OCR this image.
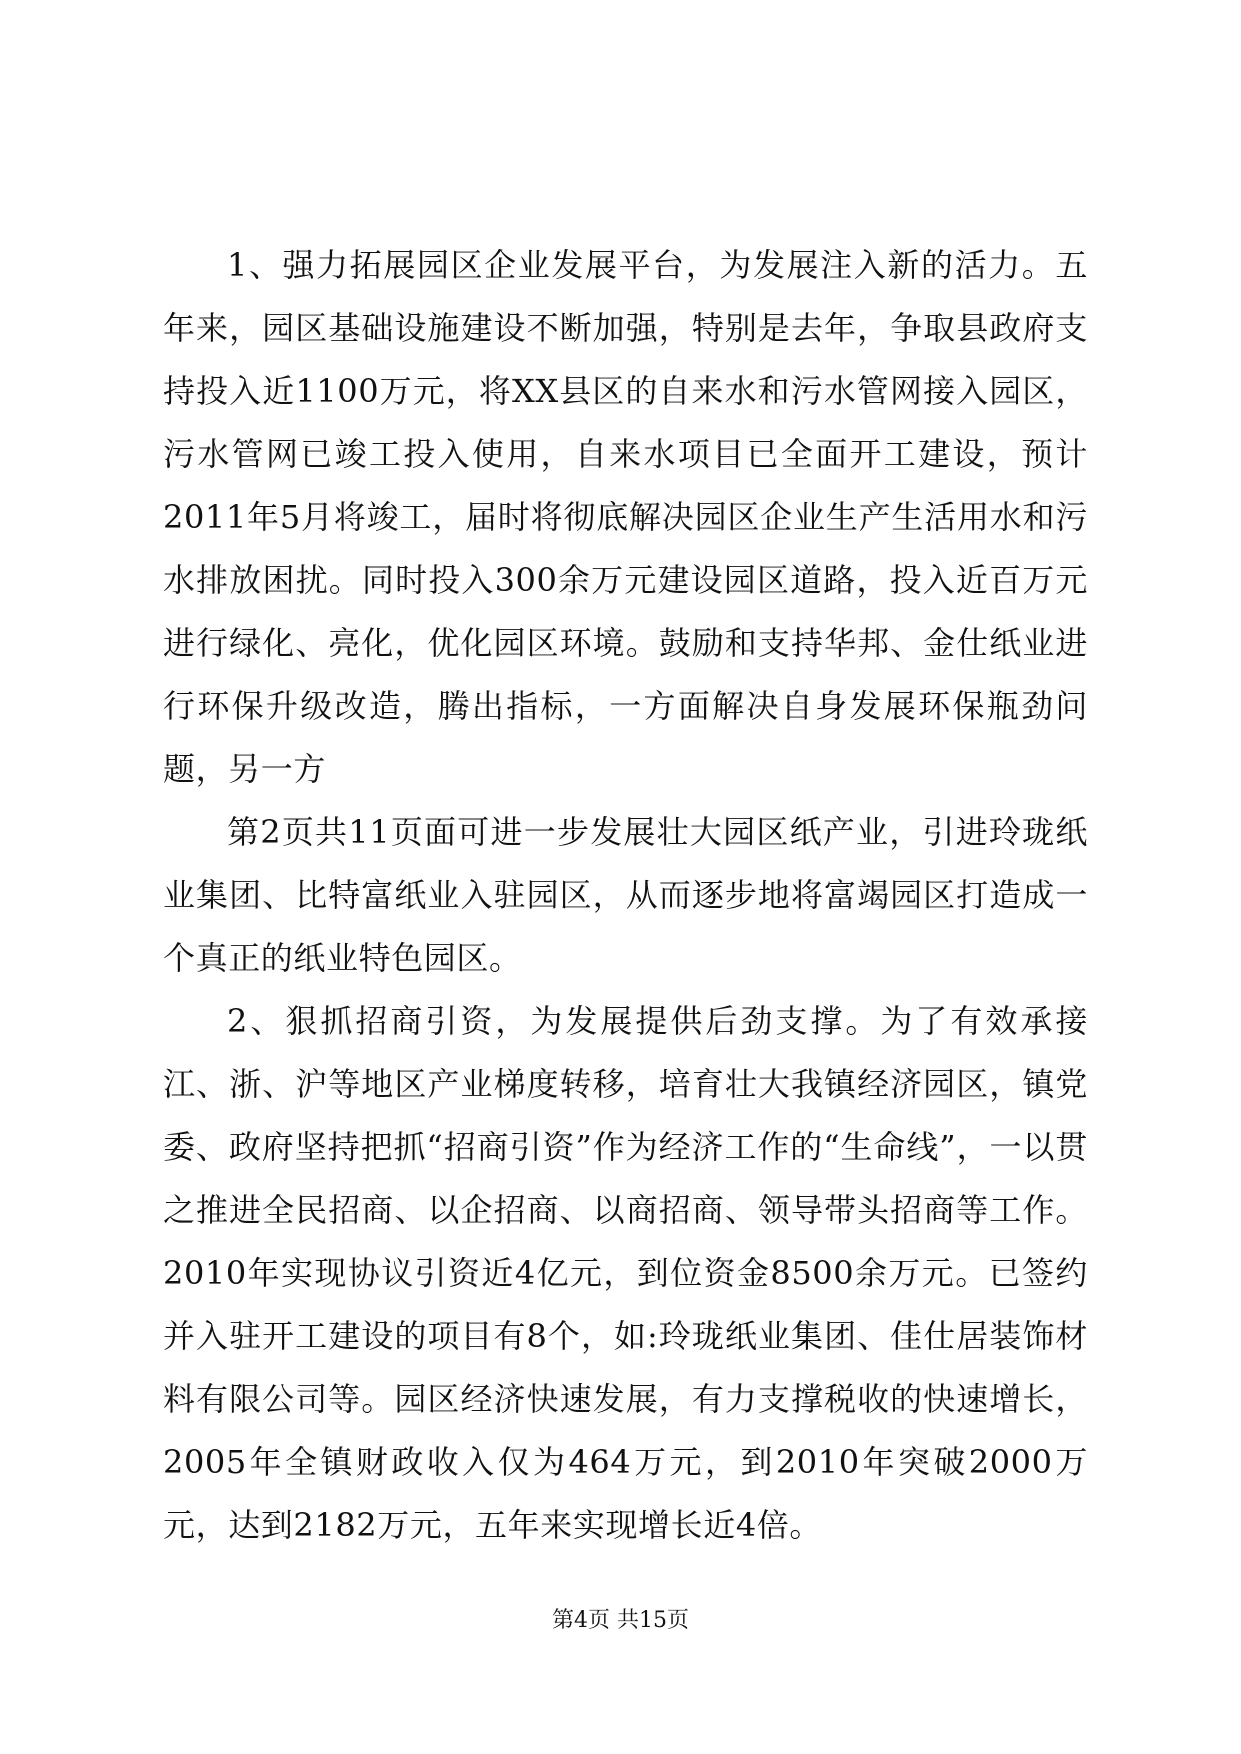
1、强力拓展园区企业发展平台，为发展注入新的活力。五年来，园区基础设施建设不断加强，特别是去年，争取县政府支持投入近1100万元，将XX县区的自来水和污水管网接入园区，污水管网已竣工投入使用，自来水项目已全面开工建设，预计2011年5月将竣工，届时将彻底解决园区企业生产生活用水和污水排放困扰。同时投入300余万元建设园区道路，投入近百万元进行绿化、亮化，优化园区环境。鼓励和支持华邦、金仕纸业进行环保升级改造，腾出指标，一方面解决自身发展环保瓶劲问题，另一方

第2页共11页面可进一步发展壮大园区纸产业，引进玲珑纸业集团、比特富纸业入驻园区，从而逐步地将富竭园区打造成一个真正的纸业特色园区。

2、狠抓招商引资，为发展提供后劲支撑。为了有效承接江、浙、沪等地区产业梯度转移，培育壮大我镇经济园区，镇党委、政府坚持把抓“招商引资”作为经济工作的“生命线”，一以贯之推进全民招商、以企招商、以商招商、领导带头招商等工作。2010年实现协议引资近4亿元，到位资金8500余万元。已签约并入驻开工建设的项目有8个，如:玲珑纸业集团、佳仕居装饰材料有限公司等。园区经济快速发展，有力支撑税收的快速增长，2005年全镇财政收入仅为464万元，到2010年突破2000万元，达到2182万元，五年来实现增长近4倍。

第4页 共15页
